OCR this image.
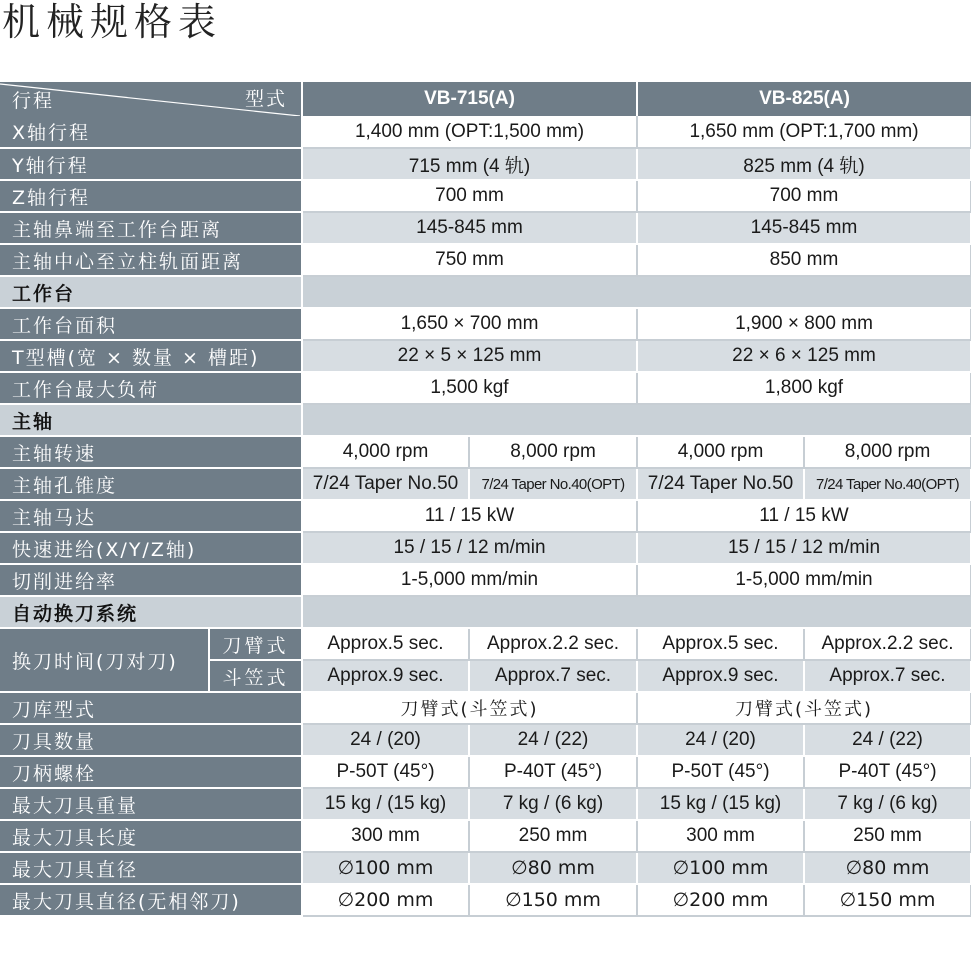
机械规格表
行程 型式		VB-715(A)		VB-825(A)	
X轴行程		1,400 mm (OPT:1,500 mm)		1,650 mm (OPT:1,700 mm)	
Y轴行程		715 mm (4 轨)		825 mm (4 轨)	
Z轴行程		700 mm		700 mm	
主轴鼻端至工作台距离		145-845 mm		145-845 mm	
主轴中心至立柱轨面距离		750 mm		850 mm	
工作台					
工作台面积		1,650 × 700 mm		1,900 × 800 mm	
T型槽(宽 × 数量 × 槽距)		22 × 5 × 125 mm		22 × 6 × 125 mm	
工作台最大负荷		1,500 kgf		1,800 kgf	
主轴					
主轴转速		4,000 rpm	8,000 rpm	4,000 rpm	8,000 rpm
主轴孔锥度		7/24 Taper No.50	7/24 Taper No.40(OPT)	7/24 Taper No.50	7/24 Taper No.40(OPT)
主轴马达		11 / 15 kW		11 / 15 kW	
快速进给(X/Y/Z轴)		15 / 15 / 12 m/min		15 / 15 / 12 m/min	
切削进给率		1-5,000 mm/min		1-5,000 mm/min	
自动换刀系统					
换刀时间(刀对刀)	刀臂式	Approx.5 sec.	Approx.2.2 sec.	Approx.5 sec.	Approx.2.2 sec.
	斗笠式	Approx.9 sec.	Approx.7 sec.	Approx.9 sec.	Approx.7 sec.
刀库型式		刀臂式(斗笠式)		刀臂式(斗笠式)	
刀具数量		24 / (20)	24 / (22)	24 / (20)	24 / (22)
刀柄螺栓		P-50T (45°)	P-40T (45°)	P-50T (45°)	P-40T (45°)
最大刀具重量		15 kg / (15 kg)	7 kg / (6 kg)	15 kg / (15 kg)	7 kg / (6 kg)
最大刀具长度		300 mm	250 mm	300 mm	250 mm
最大刀具直径		∅100 mm	∅80 mm	∅100 mm	∅80 mm
最大刀具直径(无相邻刀)		∅200 mm	∅150 mm	∅200 mm	∅150 mm
